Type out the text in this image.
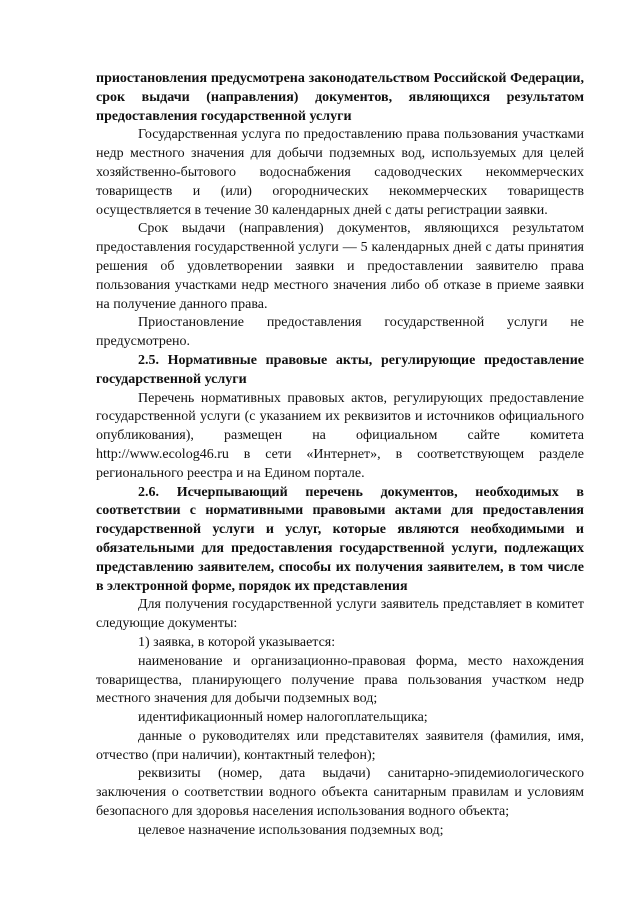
приостановления предусмотрена законодательством Российской Федерации, срок выдачи (направления) документов, являющихся результатом предоставления государственной услуги

Государственная услуга по предоставлению права пользования участками недр местного значения для добычи подземных вод, используемых для целей хозяйственно-бытового водоснабжения садоводческих некоммерческих товариществ и (или) огороднических некоммерческих товариществ осуществляется в течение 30 календарных дней с даты регистрации заявки.

Срок выдачи (направления) документов, являющихся результатом предоставления государственной услуги — 5 календарных дней с даты принятия решения об удовлетворении заявки и предоставлении заявителю права пользования участками недр местного значения либо об отказе в приеме заявки на получение данного права.

Приостановление предоставления государственной услуги не предусмотрено.

2.5. Нормативные правовые акты, регулирующие предоставление государственной услуги

Перечень нормативных правовых актов, регулирующих предоставление государственной услуги (с указанием их реквизитов и источников официального опубликования), размещен на официальном сайте комитета http://www.ecolog46.ru в сети «Интернет», в соответствующем разделе регионального реестра и на Едином портале.

2.6. Исчерпывающий перечень документов, необходимых в соответствии с нормативными правовыми актами для предоставления государственной услуги и услуг, которые являются необходимыми и обязательными для предоставления государственной услуги, подлежащих представлению заявителем, способы их получения заявителем, в том числе в электронной форме, порядок их представления

Для получения государственной услуги заявитель представляет в комитет следующие документы:

1) заявка, в которой указывается:

наименование и организационно-правовая форма, место нахождения товарищества, планирующего получение права пользования участком недр местного значения для добычи подземных вод;

идентификационный номер налогоплательщика;

данные о руководителях или представителях заявителя (фамилия, имя, отчество (при наличии), контактный телефон);

реквизиты (номер, дата выдачи) санитарно-эпидемиологического заключения о соответствии водного объекта санитарным правилам и условиям безопасного для здоровья населения использования водного объекта;

целевое назначение использования подземных вод;
